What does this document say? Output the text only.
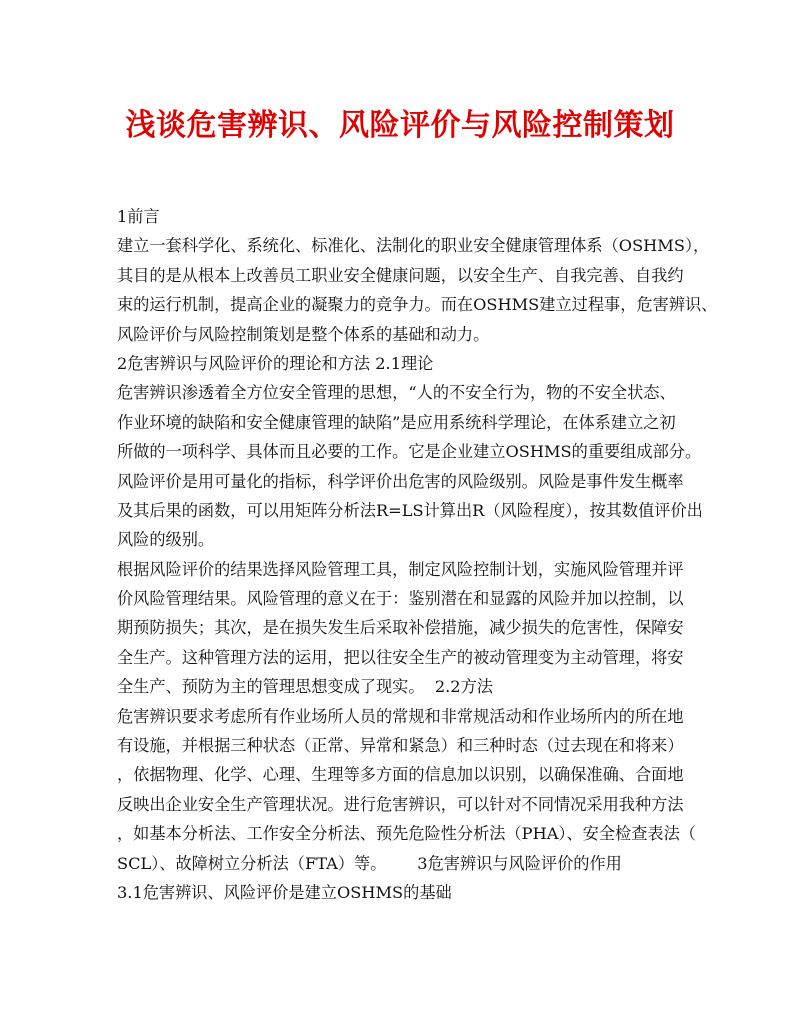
浅谈危害辨识、风险评价与风险控制策划
1前言
建立一套科学化、系统化、标准化、法制化的职业安全健康管理体系（OSHMS），
其目的是从根本上改善员工职业安全健康问题，以安全生产、自我完善、自我约
束的运行机制，提高企业的凝聚力的竞争力。而在OSHMS建立过程事，危害辨识、
风险评价与风险控制策划是整个体系的基础和动力。
2危害辨识与风险评价的理论和方法 2.1理论
危害辨识渗透着全方位安全管理的思想，“人的不安全行为，物的不安全状态、
作业环境的缺陷和安全健康管理的缺陷”是应用系统科学理论，在体系建立之初
所做的一项科学、具体而且必要的工作。它是企业建立OSHMS的重要组成部分。
风险评价是用可量化的指标，科学评价出危害的风险级别。风险是事件发生概率
及其后果的函数，可以用矩阵分析法R=LS计算出R（风险程度），按其数值评价出
风险的级别。
根据风险评价的结果选择风险管理工具，制定风险控制计划，实施风险管理并评
价风险管理结果。风险管理的意义在于：鉴别潜在和显露的风险并加以控制，以
期预防损失；其次，是在损失发生后采取补偿措施，减少损失的危害性，保障安
全生产。这种管理方法的运用，把以往安全生产的被动管理变为主动管理，将安
全生产、预防为主的管理思想变成了现实。  2.2方法
危害辨识要求考虑所有作业场所人员的常规和非常规活动和作业场所内的所在地
有设施，并根据三种状态（正常、异常和紧急）和三种时态（过去现在和将来）
，依据物理、化学、心理、生理等多方面的信息加以识别，以确保准确、合面地
反映出企业安全生产管理状况。进行危害辨识，可以针对不同情况采用我种方法
，如基本分析法、工作安全分析法、预先危险性分析法（PHA）、安全检查表法（
SCL）、故障树立分析法（FTA）等。      3危害辨识与风险评价的作用
3.1危害辨识、风险评价是建立OSHMS的基础
